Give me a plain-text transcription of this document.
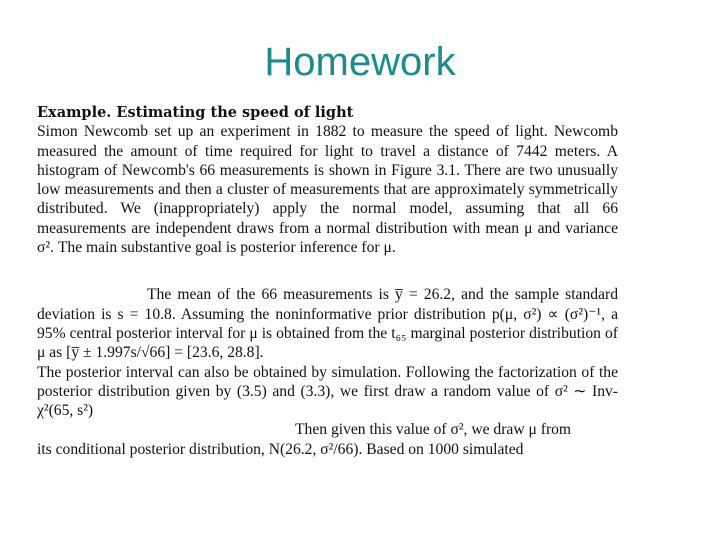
Homework

Example. Estimating the speed of light

Simon Newcomb set up an experiment in 1882 to measure the speed of light. Newcomb measured the amount of time required for light to travel a distance of 7442 meters. A histogram of Newcomb's 66 measurements is shown in Figure 3.1. There are two unusually low measurements and then a cluster of measurements that are approximately symmetrically distributed. We (inappropriately) apply the normal model, assuming that all 66 measurements are independent draws from a normal distribution with mean μ and variance σ². The main substantive goal is posterior inference for μ.

The mean of the 66 measurements is y̅ = 26.2, and the sample standard deviation is s = 10.8. Assuming the noninformative prior distribution p(μ, σ²) ∝ (σ²)⁻¹, a 95% central posterior interval for μ is obtained from the t₆₅ marginal posterior distribution of μ as [y̅ ± 1.997s/√66] = [23.6, 28.8].

The posterior interval can also be obtained by simulation. Following the factorization of the posterior distribution given by (3.5) and (3.3), we first draw a random value of σ² ∼ Inv-χ²(65, s²)

Then given this value of σ², we draw μ from

its conditional posterior distribution, N(26.2, σ²/66). Based on 1000 simulated
